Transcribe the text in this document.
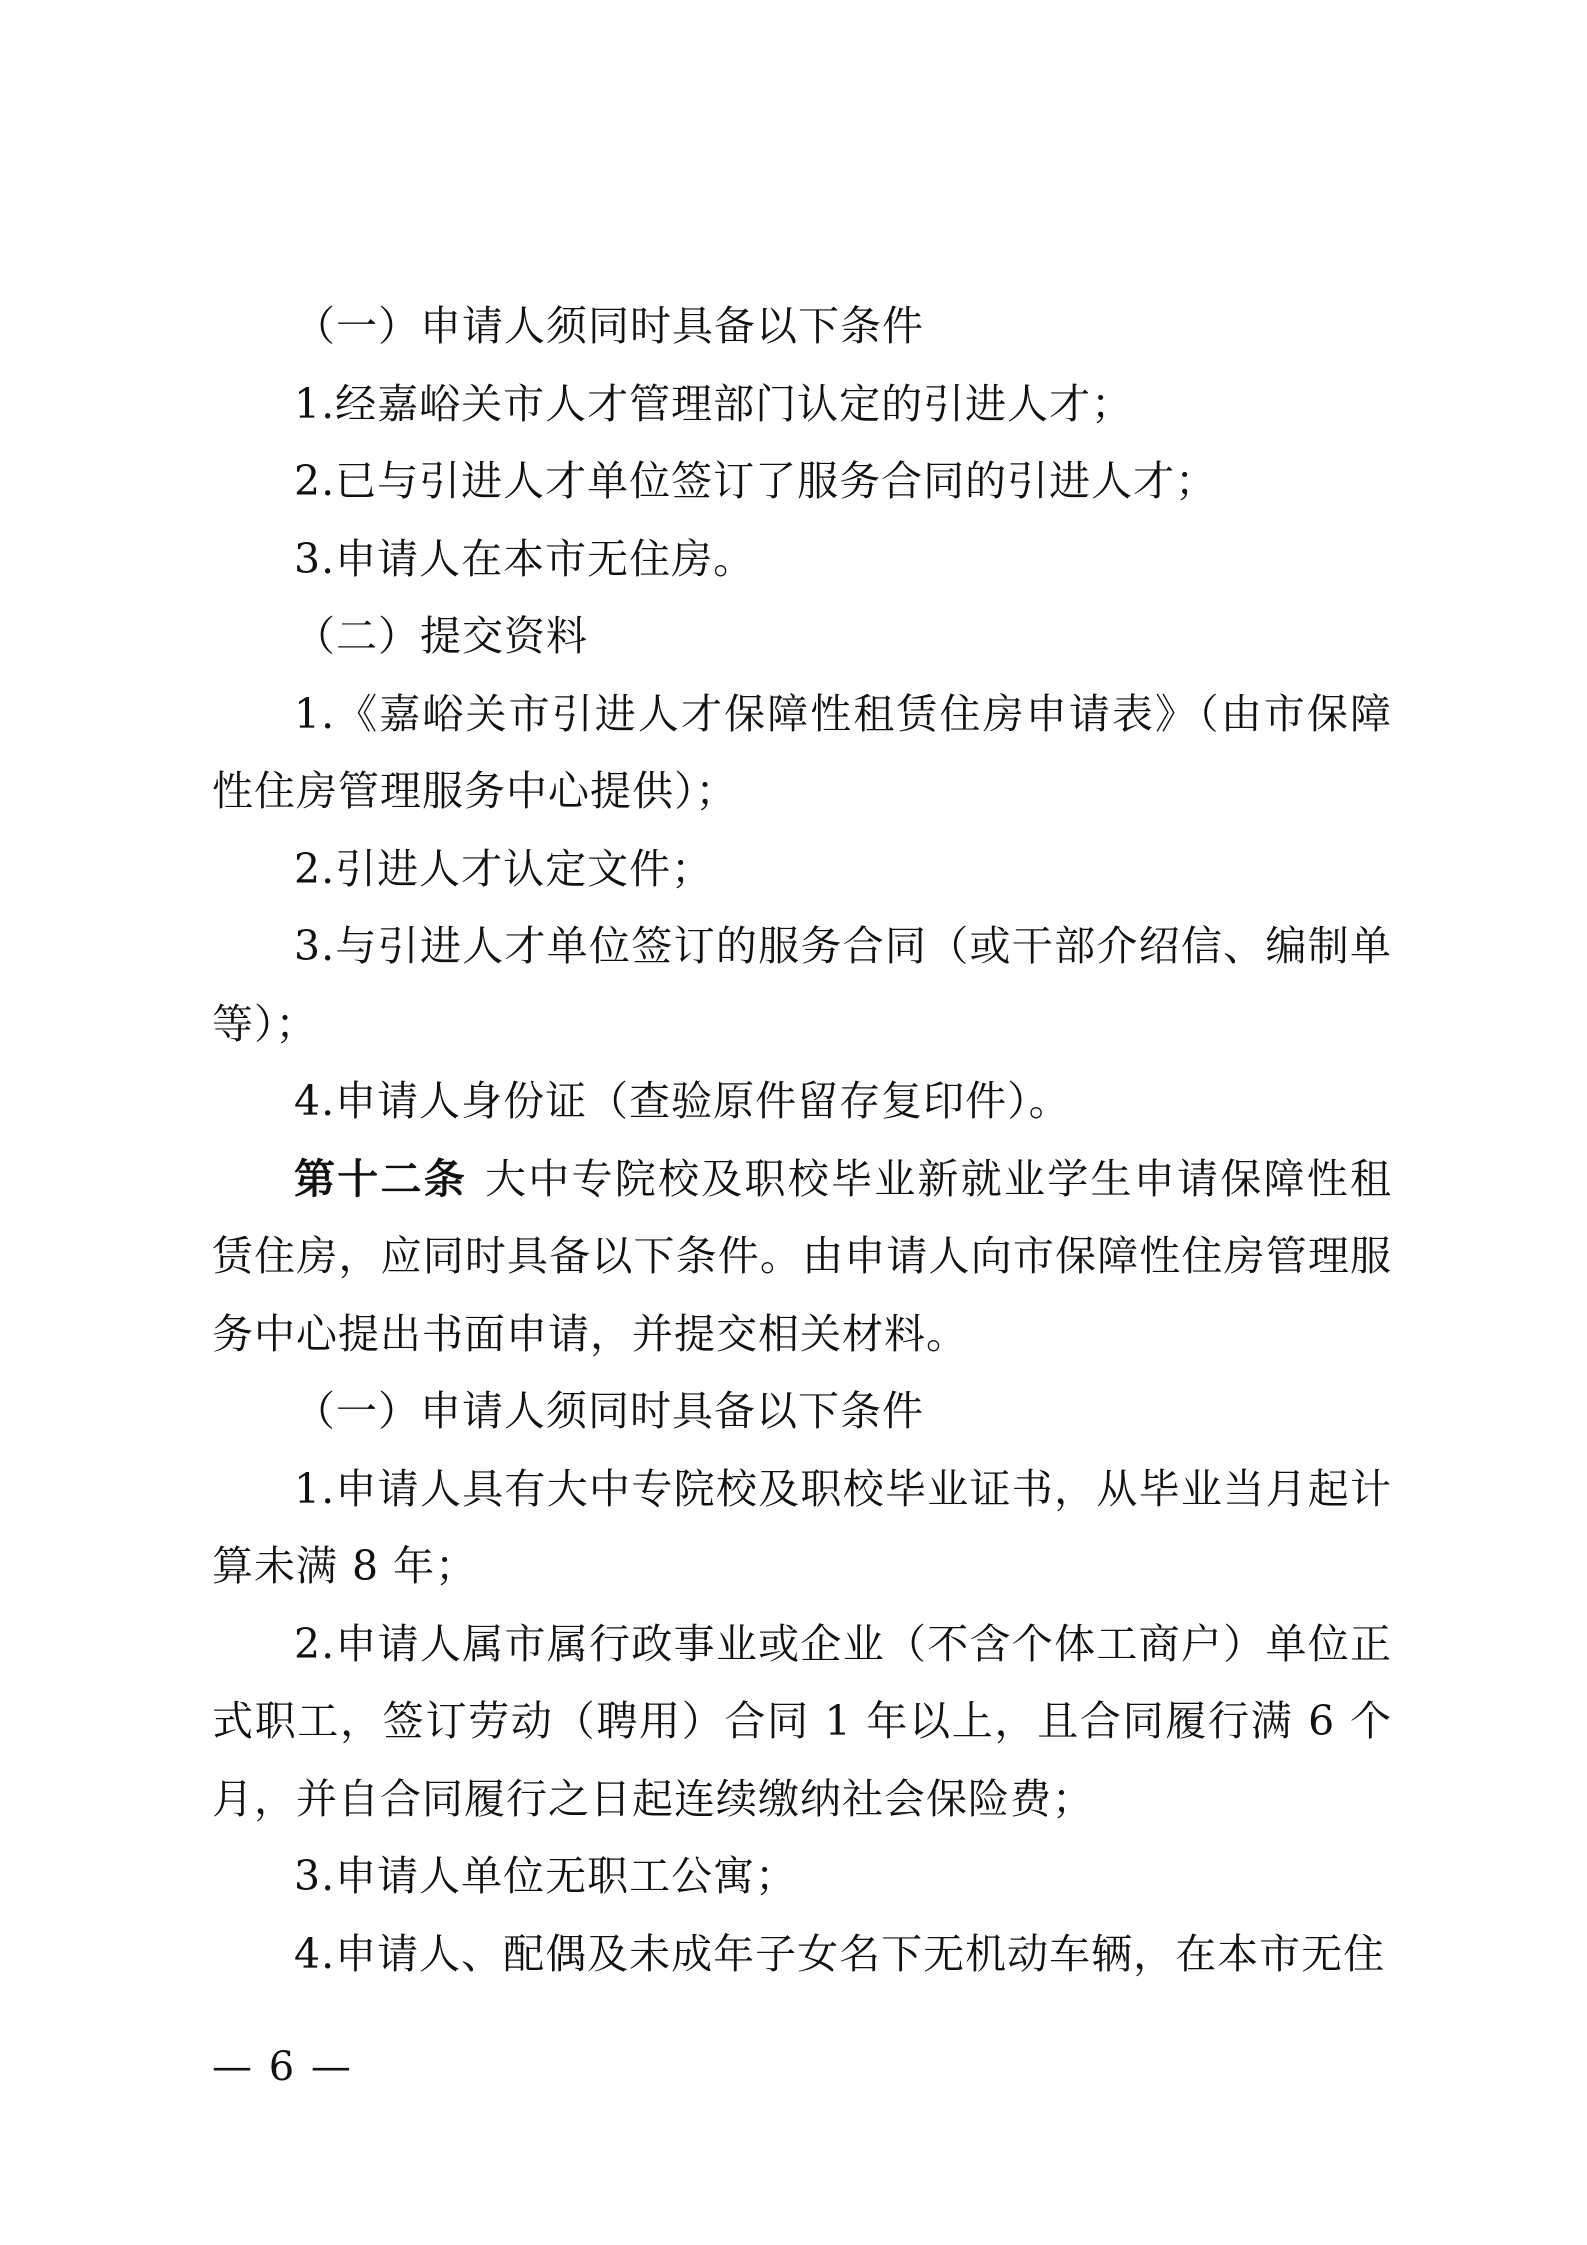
（一）申请人须同时具备以下条件

1.经嘉峪关市人才管理部门认定的引进人才；

2.已与引进人才单位签订了服务合同的引进人才；

3.申请人在本市无住房。

（二）提交资料

1.《嘉峪关市引进人才保障性租赁住房申请表》（由市保障性住房管理服务中心提供）；

2.引进人才认定文件；

3.与引进人才单位签订的服务合同（或干部介绍信、编制单等）；

4.申请人身份证（查验原件留存复印件）。

第十二条 大中专院校及职校毕业新就业学生申请保障性租赁住房，应同时具备以下条件。由申请人向市保障性住房管理服务中心提出书面申请，并提交相关材料。

（一）申请人须同时具备以下条件

1.申请人具有大中专院校及职校毕业证书，从毕业当月起计算未满 8 年；

2.申请人属市属行政事业或企业（不含个体工商户）单位正式职工，签订劳动（聘用）合同 1 年以上，且合同履行满 6 个月，并自合同履行之日起连续缴纳社会保险费；

3.申请人单位无职工公寓；

4.申请人、配偶及未成年子女名下无机动车辆，在本市无住

— 6 —
